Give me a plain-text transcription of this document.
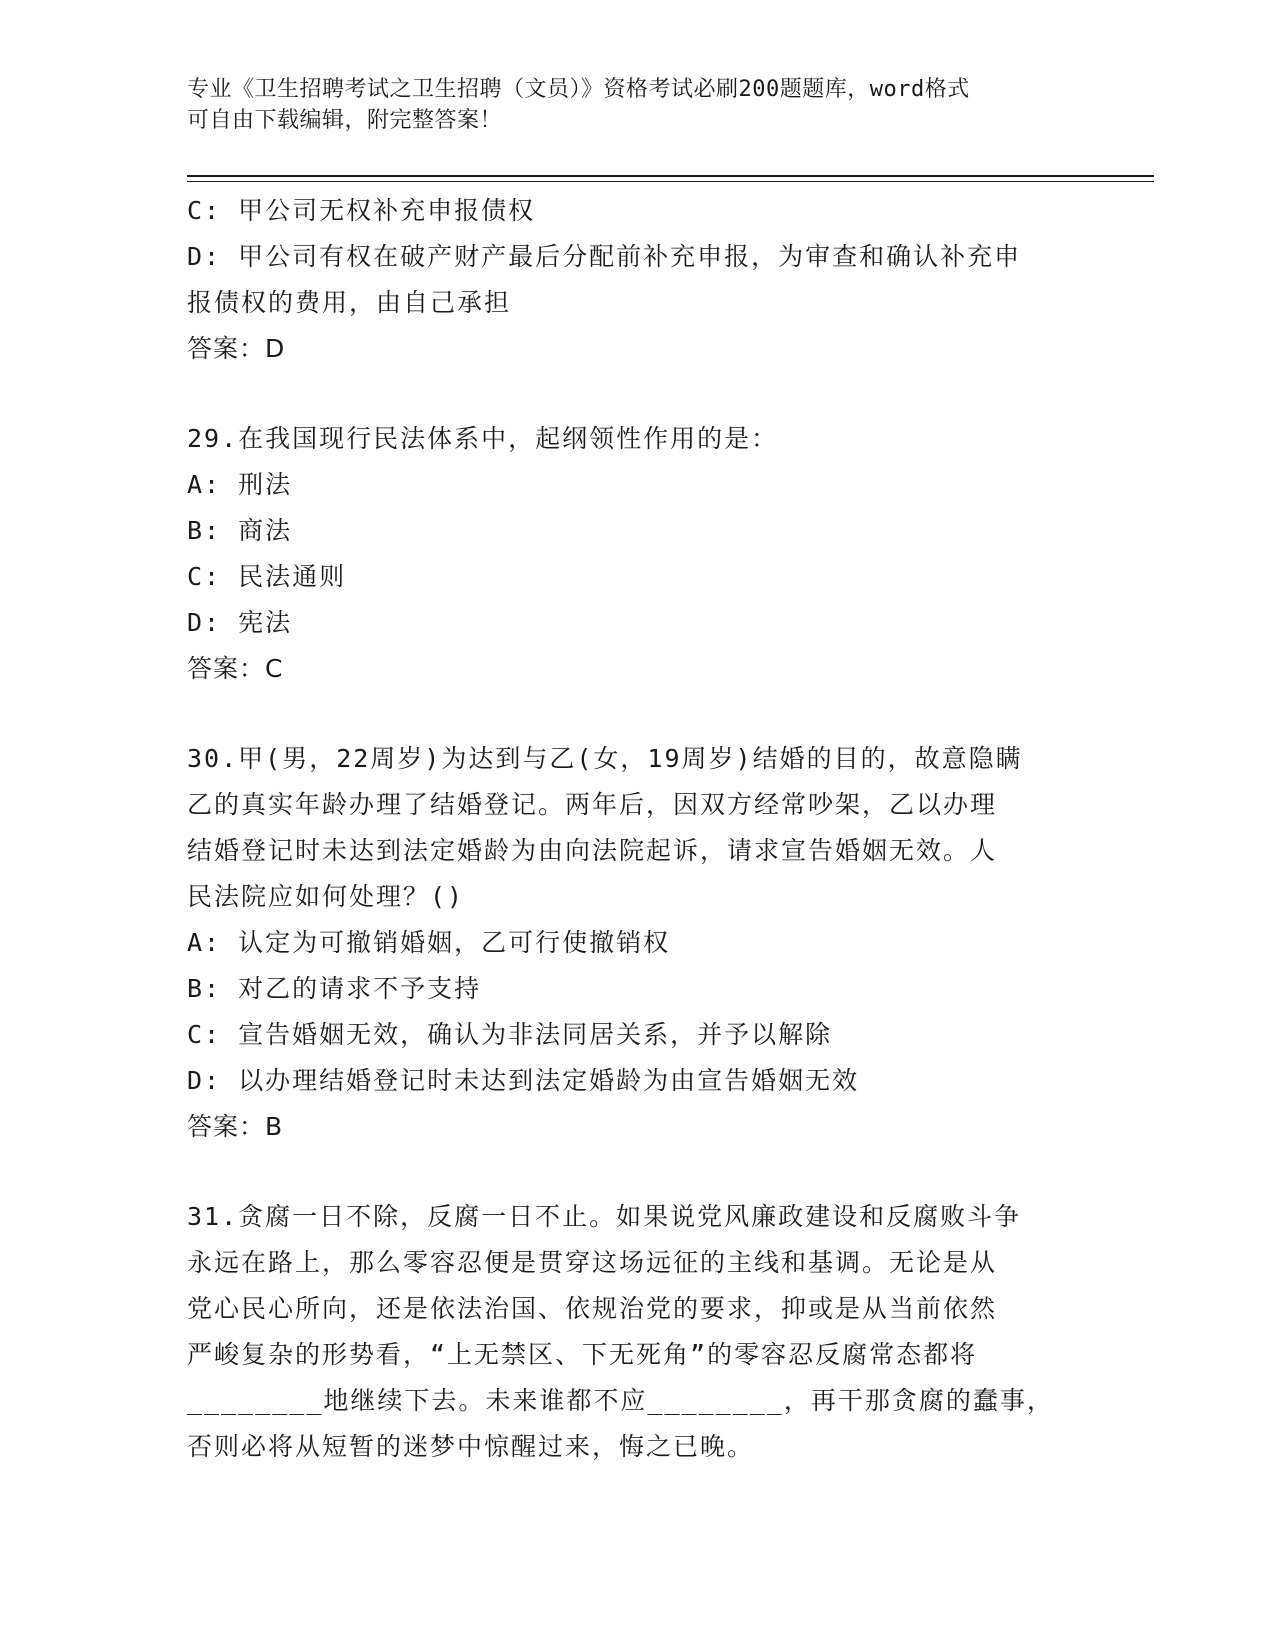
专业《卫生招聘考试之卫生招聘（文员）》资格考试必刷200题题库，word格式
可自由下载编辑，附完整答案！
C: 甲公司无权补充申报债权
D: 甲公司有权在破产财产最后分配前补充申报，为审查和确认补充申
报债权的费用，由自己承担
答案：D
29.在我国现行民法体系中，起纲领性作用的是：
A: 刑法
B: 商法
C: 民法通则
D: 宪法
答案：C
30.甲(男，22周岁)为达到与乙(女，19周岁)结婚的目的，故意隐瞒
乙的真实年龄办理了结婚登记。两年后，因双方经常吵架，乙以办理
结婚登记时未达到法定婚龄为由向法院起诉，请求宣告婚姻无效。人
民法院应如何处理？()
A: 认定为可撤销婚姻，乙可行使撤销权
B: 对乙的请求不予支持
C: 宣告婚姻无效，确认为非法同居关系，并予以解除
D: 以办理结婚登记时未达到法定婚龄为由宣告婚姻无效
答案：B
31.贪腐一日不除，反腐一日不止。如果说党风廉政建设和反腐败斗争
永远在路上，那么零容忍便是贯穿这场远征的主线和基调。无论是从
党心民心所向，还是依法治国、依规治党的要求，抑或是从当前依然
严峻复杂的形势看，“上无禁区、下无死角”的零容忍反腐常态都将
________地继续下去。未来谁都不应________，再干那贪腐的蠢事，
否则必将从短暂的迷梦中惊醒过来，悔之已晚。
